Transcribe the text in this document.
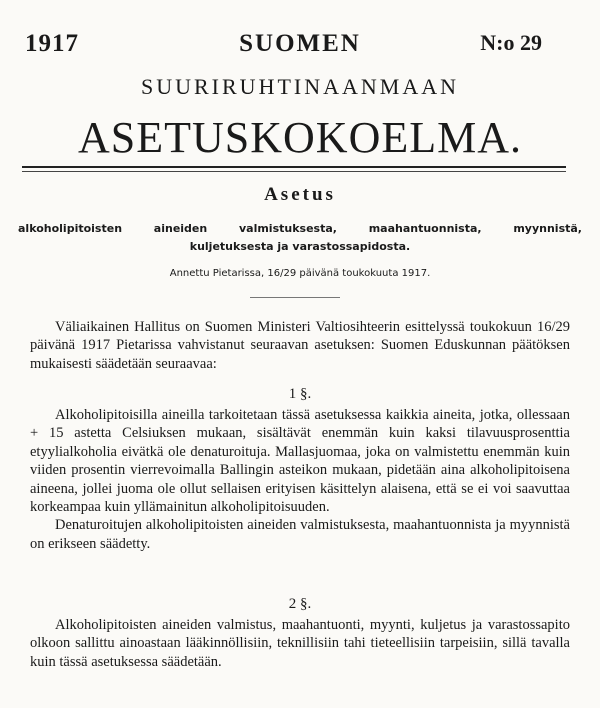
1917	SUOMEN	N:o 29
SUURIRUHTINAANMAAN
ASETUSKOKOELMA.
Asetus
alkoholipitoisten aineiden valmistuksesta, maahantuonnista, myynnistä,
kuljetuksesta ja varastossapidosta.
Annettu Pietarissa, 16/29 päivänä toukokuuta 1917.

Väliaikainen Hallitus on Suomen Ministeri Valtiosihteerin esittelyssä toukokuun 16/29 päivänä 1917 Pietarissa vahvistanut seuraavan asetuksen: Suomen Eduskunnan päätöksen mukaisesti säädetään seuraavaa:

1 §.

Alkoholipitoisilla aineilla tarkoitetaan tässä asetuksessa kaikkia aineita, jotka, ollessaan + 15 astetta Celsiuksen mukaan, sisältävät enemmän kuin kaksi tilavuusprosenttia etyylialkoholia eivätkä ole denaturoituja. Mallasjuomaa, joka on valmistettu enemmän kuin viiden prosentin vierrevoimalla Ballingin asteikon mukaan, pidetään aina alkoholipitoisena aineena, jollei juoma ole ollut sellaisen erityisen käsittelyn alaisena, että se ei voi saavuttaa korkeampaa kuin yllämainitun alkoholipitoisuuden.

Denaturoitujen alkoholipitoisten aineiden valmistuksesta, maahantuonnista ja myynnistä on erikseen säädetty.

2 §.

Alkoholipitoisten aineiden valmistus, maahantuonti, myynti, kuljetus ja varastossapito olkoon sallittu ainoastaan lääkinnöllisiin, teknillisiin tahi tieteellisiin tarpeisiin, sillä tavalla kuin tässä asetuksessa säädetään.
